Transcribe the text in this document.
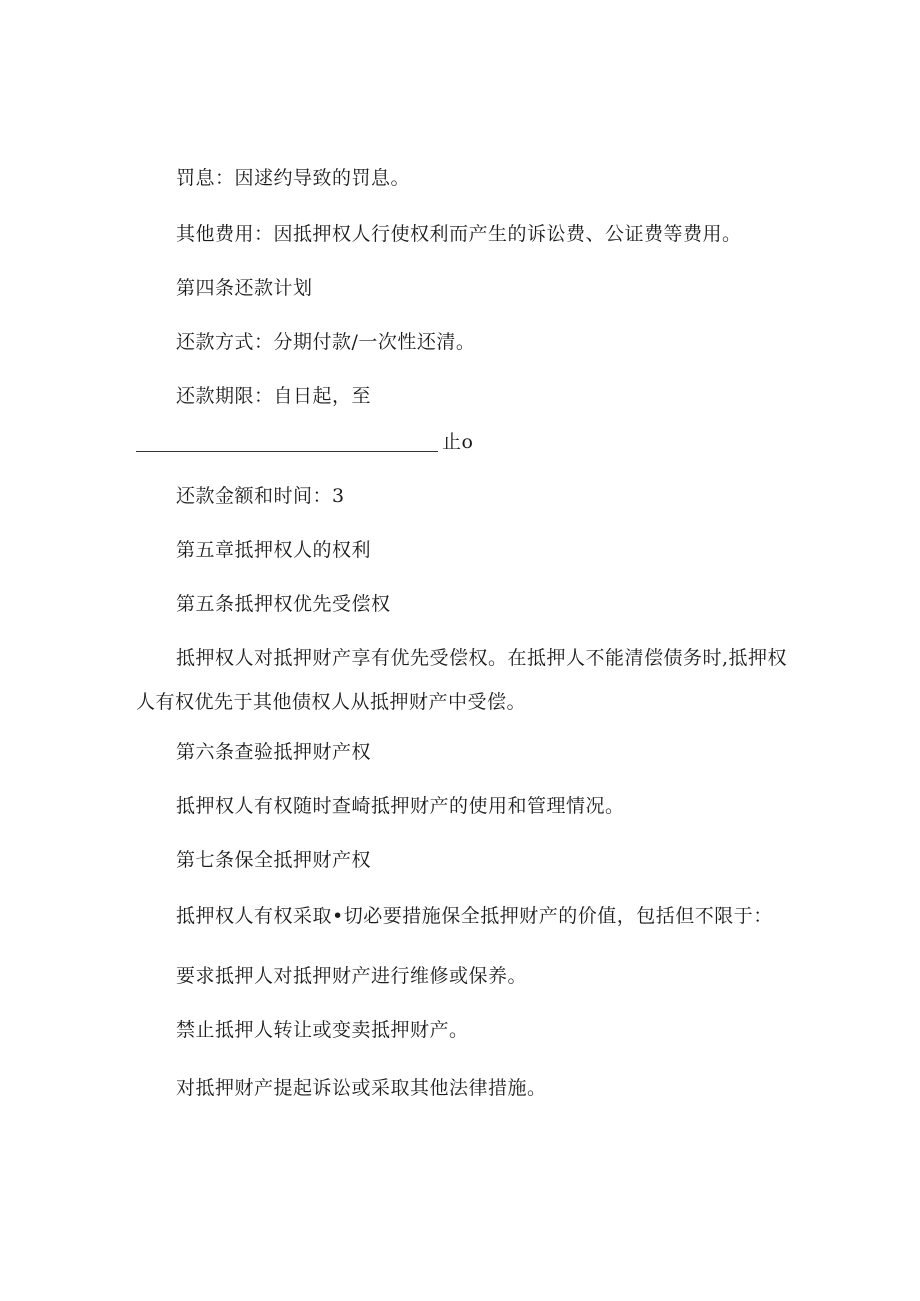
罚息：因逑约导致的罚息。
其他费用：因抵押权人行使权利而产生的诉讼费、公证费等费用。
第四条还款计划
还款方式：分期付款/一次性还清。
还款期限：自日起，至
止o
还款金额和时间：3
第五章抵押权人的权利
第五条抵押权优先受偿权
抵押权人对抵押财产享有优先受偿权。在抵押人不能清偿债务时,抵押权人有权优先于其他债权人从抵押财产中受偿。
第六条查验抵押财产权
抵押权人有权随时查崎抵押财产的使用和管理情况。
第七条保全抵押财产权
抵押权人有权采取•切必要措施保全抵押财产的价值，包括但不限于：
要求抵押人对抵押财产进行维修或保养。
禁止抵押人转让或变卖抵押财产。
对抵押财产提起诉讼或采取其他法律措施。
